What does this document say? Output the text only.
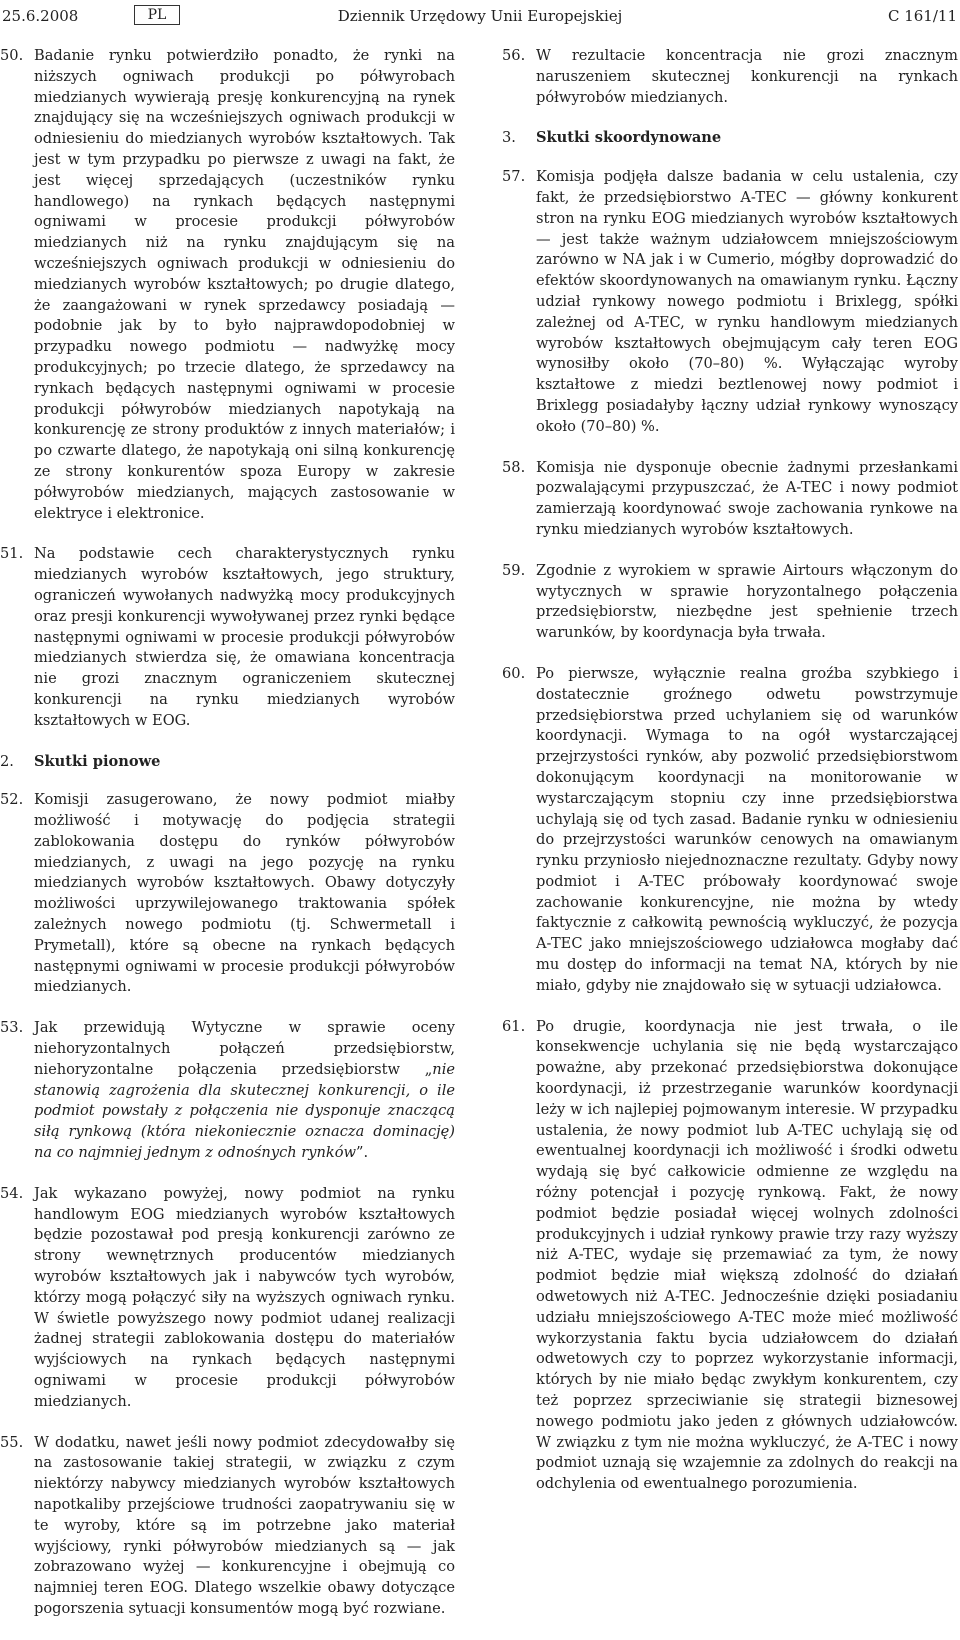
25.6.2008	PL	Dziennik Urzędowy Unii Europejskiej	C 161/11
50. Badanie rynku potwierdziło ponadto, że rynki na niższych ogniwach produkcji po półwyrobach miedzianych wywierają presję konkurencyjną na rynek znajdujący się na wcześniejszych ogniwach produkcji w odniesieniu do miedzianych wyrobów kształtowych. Tak jest w tym przypadku po pierwsze z uwagi na fakt, że jest więcej sprzedających (uczestników rynku handlowego) na rynkach będących następnymi ogniwami w procesie produkcji półwyrobów miedzianych niż na rynku znajdującym się na wcześniejszych ogniwach produkcji w odniesieniu do miedzianych wyrobów kształtowych; po drugie dlatego, że zaangażowani w rynek sprzedawcy posiadają — podobnie jak by to było najprawdopodobniej w przypadku nowego podmiotu — nadwyżkę mocy produkcyjnych; po trzecie dlatego, że sprzedawcy na rynkach będących następnymi ogniwami w procesie produkcji półwyrobów miedzianych napotykają na konkurencję ze strony produktów z innych materiałów; i po czwarte dlatego, że napotykają oni silną konkurencję ze strony konkurentów spoza Europy w zakresie półwyrobów miedzianych, mających zastosowanie w elektryce i elektronice.
51. Na podstawie cech charakterystycznych rynku miedzianych wyrobów kształtowych, jego struktury, ograniczeń wywołanych nadwyżką mocy produkcyjnych oraz presji konkurencji wywoływanej przez rynki będące następnymi ogniwami w procesie produkcji półwyrobów miedzianych stwierdza się, że omawiana koncentracja nie grozi znacznym ograniczeniem skutecznej konkurencji na rynku miedzianych wyrobów kształtowych w EOG.
2. Skutki pionowe
52. Komisji zasugerowano, że nowy podmiot miałby możliwość i motywację do podjęcia strategii zablokowania dostępu do rynków półwyrobów miedzianych, z uwagi na jego pozycję na rynku miedzianych wyrobów kształtowych. Obawy dotyczyły możliwości uprzywilejowanego traktowania spółek zależnych nowego podmiotu (tj. Schwermetall i Prymetall), które są obecne na rynkach będących następnymi ogniwami w procesie produkcji półwyrobów miedzianych.
53. Jak przewidują Wytyczne w sprawie oceny niehoryzontalnych połączeń przedsiębiorstw, niehoryzontalne połączenia przedsiębiorstw „nie stanowią zagrożenia dla skutecznej konkurencji, o ile podmiot powstały z połączenia nie dysponuje znaczącą siłą rynkową (która niekoniecznie oznacza dominację) na co najmniej jednym z odnośnych rynków”.
54. Jak wykazano powyżej, nowy podmiot na rynku handlowym EOG miedzianych wyrobów kształtowych będzie pozostawał pod presją konkurencji zarówno ze strony wewnętrznych producentów miedzianych wyrobów kształtowych jak i nabywców tych wyrobów, którzy mogą połączyć siły na wyższych ogniwach rynku. W świetle powyższego nowy podmiot udanej realizacji żadnej strategii zablokowania dostępu do materiałów wyjściowych na rynkach będących następnymi ogniwami w procesie produkcji półwyrobów miedzianych.
55. W dodatku, nawet jeśli nowy podmiot zdecydowałby się na zastosowanie takiej strategii, w związku z czym niektórzy nabywcy miedzianych wyrobów kształtowych napotkaliby przejściowe trudności zaopatrywaniu się w te wyroby, które są im potrzebne jako materiał wyjściowy, rynki półwyrobów miedzianych są — jak zobrazowano wyżej — konkurencyjne i obejmują co najmniej teren EOG. Dlatego wszelkie obawy dotyczące pogorszenia sytuacji konsumentów mogą być rozwiane.
56. W rezultacie koncentracja nie grozi znacznym naruszeniem skutecznej konkurencji na rynkach półwyrobów miedzianych.
3. Skutki skoordynowane
57. Komisja podjęła dalsze badania w celu ustalenia, czy fakt, że przedsiębiorstwo A-TEC — główny konkurent stron na rynku EOG miedzianych wyrobów kształtowych — jest także ważnym udziałowcem mniejszościowym zarówno w NA jak i w Cumerio, mógłby doprowadzić do efektów skoordynowanych na omawianym rynku. Łączny udział rynkowy nowego podmiotu i Brixlegg, spółki zależnej od A-TEC, w rynku handlowym miedzianych wyrobów kształtowych obejmującym cały teren EOG wynosiłby około (70–80) %. Wyłączając wyroby kształtowe z miedzi beztlenowej nowy podmiot i Brixlegg posiadałyby łączny udział rynkowy wynoszący około (70–80) %.
58. Komisja nie dysponuje obecnie żadnymi przesłankami pozwalającymi przypuszczać, że A-TEC i nowy podmiot zamierzają koordynować swoje zachowania rynkowe na rynku miedzianych wyrobów kształtowych.
59. Zgodnie z wyrokiem w sprawie Airtours włączonym do wytycznych w sprawie horyzontalnego połączenia przedsiębiorstw, niezbędne jest spełnienie trzech warunków, by koordynacja była trwała.
60. Po pierwsze, wyłącznie realna groźba szybkiego i dostatecznie groźnego odwetu powstrzymuje przedsiębiorstwa przed uchylaniem się od warunków koordynacji. Wymaga to na ogół wystarczającej przejrzystości rynków, aby pozwolić przedsiębiorstwom dokonującym koordynacji na monitorowanie w wystarczającym stopniu czy inne przedsiębiorstwa uchylają się od tych zasad. Badanie rynku w odniesieniu do przejrzystości warunków cenowych na omawianym rynku przyniosło niejednoznaczne rezultaty. Gdyby nowy podmiot i A-TEC próbowały koordynować swoje zachowanie konkurencyjne, nie można by wtedy faktycznie z całkowitą pewnością wykluczyć, że pozycja A-TEC jako mniejszościowego udziałowca mogłaby dać mu dostęp do informacji na temat NA, których by nie miało, gdyby nie znajdowało się w sytuacji udziałowca.
61. Po drugie, koordynacja nie jest trwała, o ile konsekwencje uchylania się nie będą wystarczająco poważne, aby przekonać przedsiębiorstwa dokonujące koordynacji, iż przestrzeganie warunków koordynacji leży w ich najlepiej pojmowanym interesie. W przypadku ustalenia, że nowy podmiot lub A-TEC uchylają się od ewentualnej koordynacji ich możliwość i środki odwetu wydają się być całkowicie odmienne ze względu na różny potencjał i pozycję rynkową. Fakt, że nowy podmiot będzie posiadał więcej wolnych zdolności produkcyjnych i udział rynkowy prawie trzy razy wyższy niż A-TEC, wydaje się przemawiać za tym, że nowy podmiot będzie miał większą zdolność do działań odwetowych niż A-TEC. Jednocześnie dzięki posiadaniu udziału mniejszościowego A-TEC może mieć możliwość wykorzystania faktu bycia udziałowcem do działań odwetowych czy to poprzez wykorzystanie informacji, których by nie miało będąc zwykłym konkurentem, czy też poprzez sprzeciwianie się strategii biznesowej nowego podmiotu jako jeden z głównych udziałowców. W związku z tym nie można wykluczyć, że A-TEC i nowy podmiot uznają się wzajemnie za zdolnych do reakcji na odchylenia od ewentualnego porozumienia.
